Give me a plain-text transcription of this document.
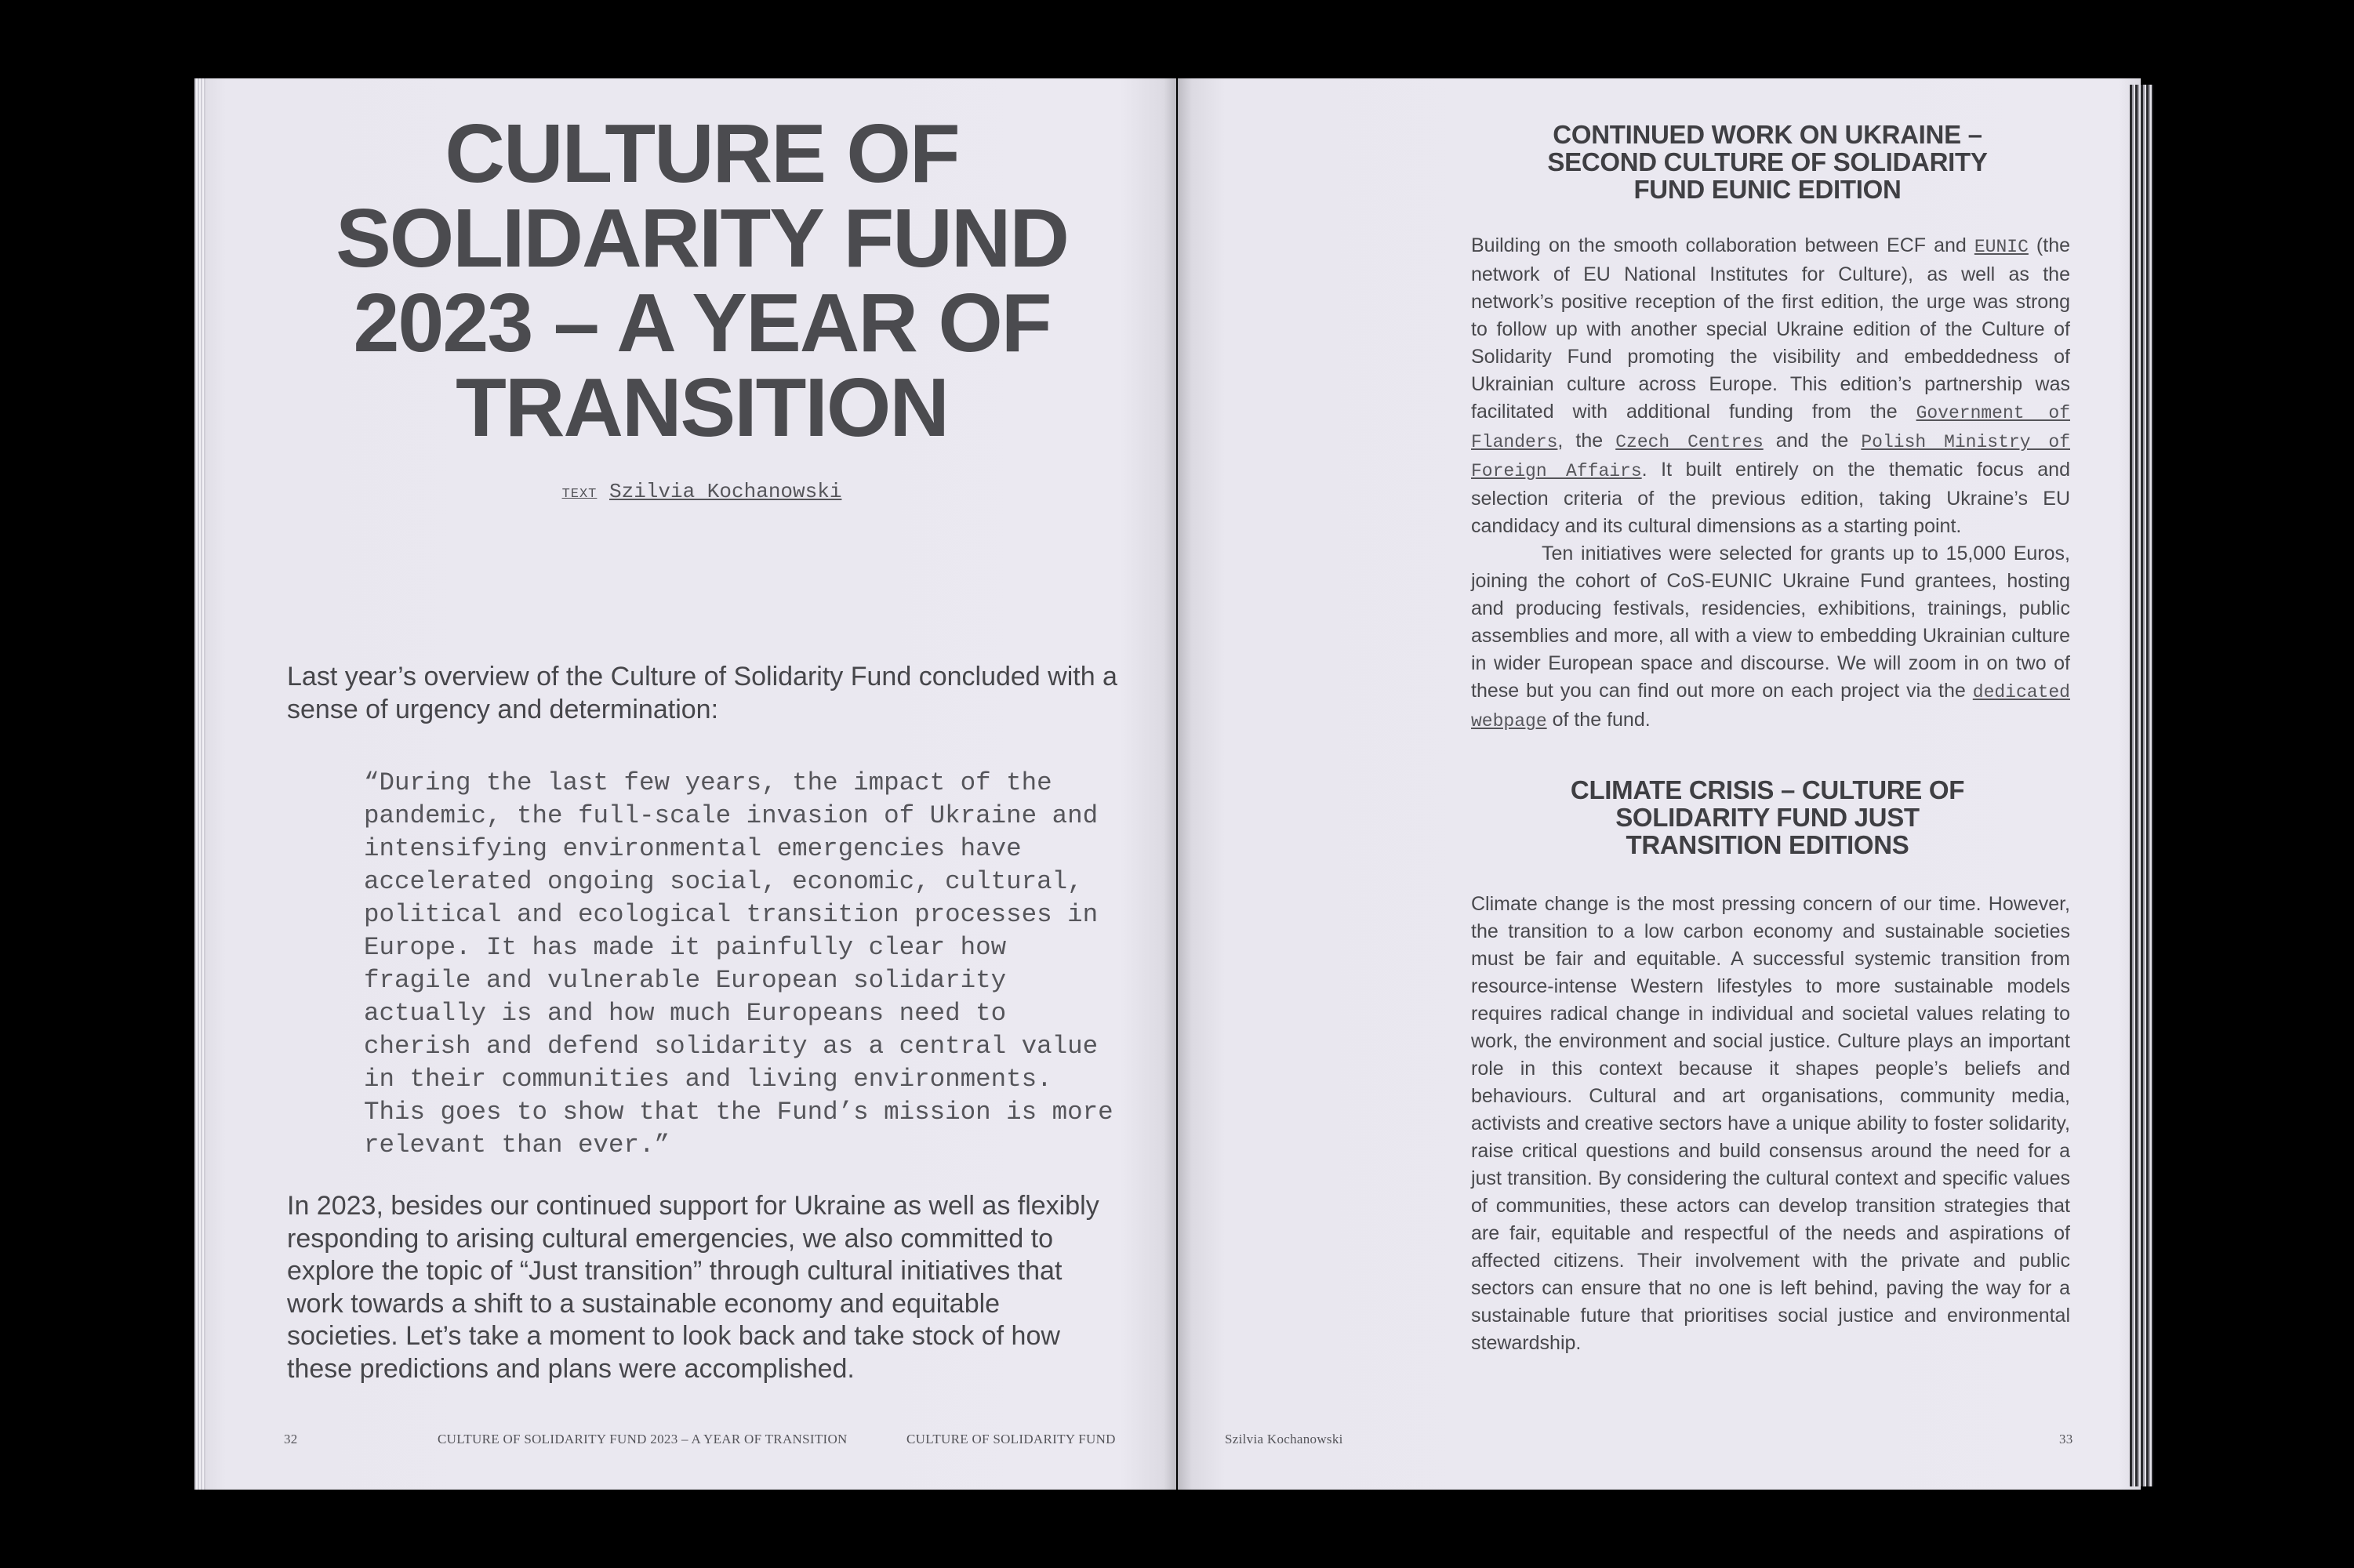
CULTURE OF SOLIDARITY FUND 2023 – A YEAR OF TRANSITION
TEXT Szilvia Kochanowski

Last year’s overview of the Culture of Solidarity Fund concluded with a sense of urgency and determination:

“During the last few years, the impact of the pandemic, the full-scale invasion of Ukraine and intensifying environmental emergencies have accelerated ongoing social, economic, cultural, political and ecological transition processes in Europe. It has made it painfully clear how fragile and vulnerable European solidarity actually is and how much Europeans need to cherish and defend solidarity as a central value in their communities and living environments. This goes to show that the Fund’s mission is more relevant than ever.”

In 2023, besides our continued support for Ukraine as well as flexibly responding to arising cultural emergencies, we also committed to explore the topic of “Just transition” through cultural initiatives that work towards a shift to a sustainable economy and equitable societies. Let’s take a moment to look back and take stock of how these predictions and plans were accomplished.

32	CULTURE OF SOLIDARITY FUND 2023 – A YEAR OF TRANSITION	CULTURE OF SOLIDARITY FUND
CONTINUED WORK ON UKRAINE – SECOND CULTURE OF SOLIDARITY FUND EUNIC EDITION

Building on the smooth collaboration between ECF and EUNIC (the network of EU National Institutes for Culture), as well as the network’s positive reception of the first edition, the urge was strong to follow up with another special Ukraine edition of the Culture of Solidarity Fund promoting the visibility and embeddedness of Ukrainian culture across Europe. This edition’s partnership was facilitated with additional funding from the Government of Flanders, the Czech Centres and the Polish Ministry of Foreign Affairs. It built entirely on the thematic focus and selection criteria of the previous edition, taking Ukraine’s EU candidacy and its cultural dimensions as a starting point.

Ten initiatives were selected for grants up to 15,000 Euros, joining the cohort of CoS-EUNIC Ukraine Fund grantees, hosting and producing festivals, residencies, exhibitions, trainings, public assemblies and more, all with a view to embedding Ukrainian culture in wider European space and discourse. We will zoom in on two of these but you can find out more on each project via the dedicated webpage of the fund.

CLIMATE CRISIS – CULTURE OF SOLIDARITY FUND JUST TRANSITION EDITIONS

Climate change is the most pressing concern of our time. However, the transition to a low carbon economy and sustainable societies must be fair and equitable. A successful systemic transition from resource-intense Western lifestyles to more sustainable models requires radical change in individual and societal values relating to work, the environment and social justice. Culture plays an important role in this context because it shapes people’s beliefs and behaviours. Cultural and art organisations, community media, activists and creative sectors have a unique ability to foster solidarity, raise critical questions and build consensus around the need for a just transition. By considering the cultural context and specific values of communities, these actors can develop transition strategies that are fair, equitable and respectful of the needs and aspirations of affected citizens. Their involvement with the private and public sectors can ensure that no one is left behind, paving the way for a sustainable future that prioritises social justice and environmental stewardship.

Szilvia Kochanowski	33
